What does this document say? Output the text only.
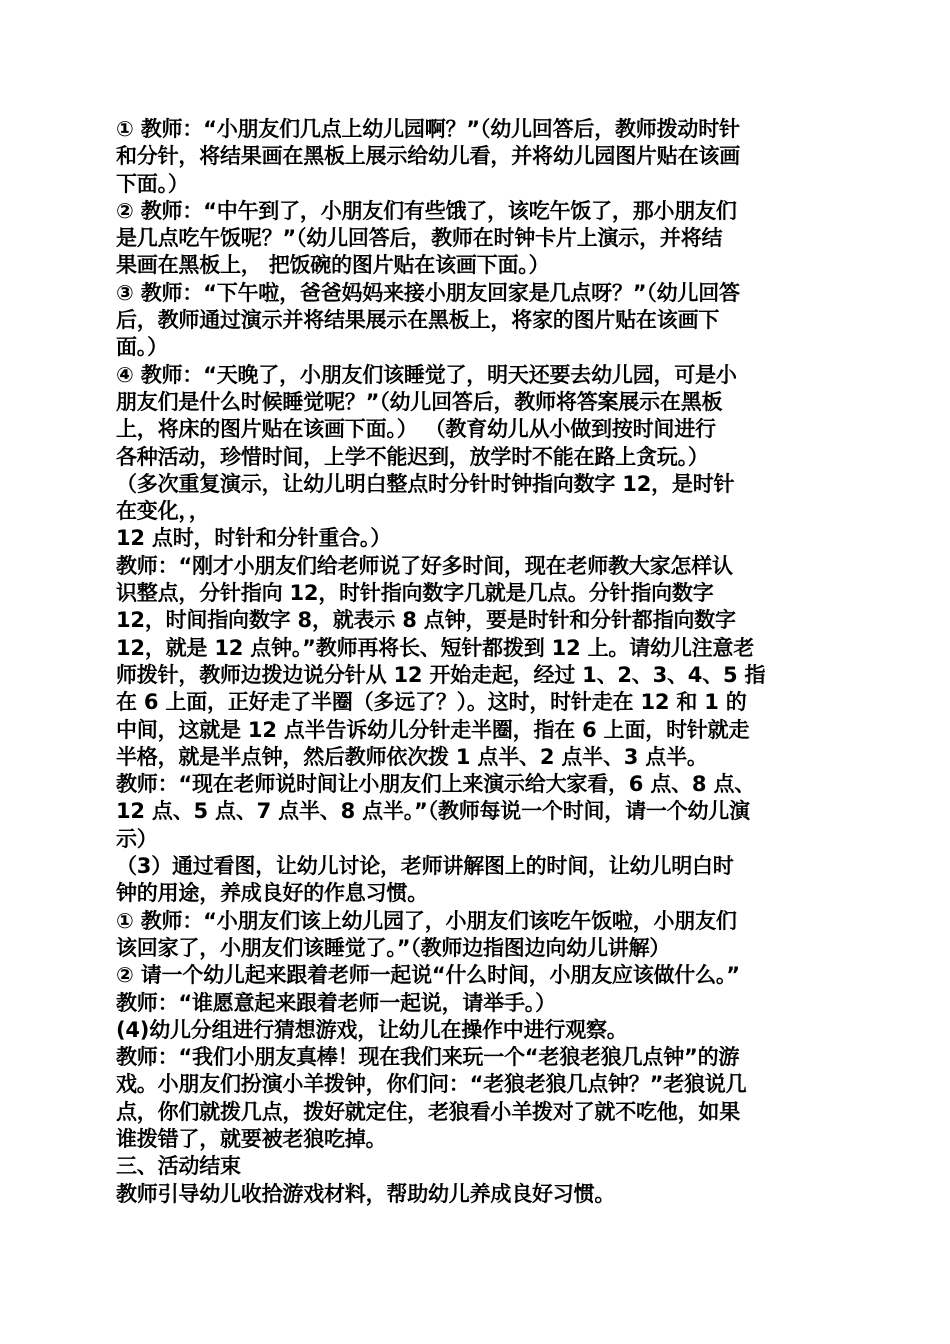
① 教师：“小朋友们几点上幼儿园啊？”（幼儿回答后，教师拨动时针
和分针，将结果画在黑板上展示给幼儿看，并将幼儿园图片贴在该画
下面。）
② 教师：“中午到了，小朋友们有些饿了，该吃午饭了，那小朋友们
是几点吃午饭呢？”（幼儿回答后，教师在时钟卡片上演示，并将结
果画在黑板上， 把饭碗的图片贴在该画下面。）
③ 教师：“下午啦，爸爸妈妈来接小朋友回家是几点呀？”（幼儿回答
后，教师通过演示并将结果展示在黑板上，将家的图片贴在该画下
面。）
④ 教师：“天晚了，小朋友们该睡觉了，明天还要去幼儿园，可是小
朋友们是什么时候睡觉呢？”（幼儿回答后，教师将答案展示在黑板
上，将床的图片贴在该画下面。） （教育幼儿从小做到按时间进行
各种活动，珍惜时间，上学不能迟到，放学时不能在路上贪玩。）
（多次重复演示，让幼儿明白整点时分针时钟指向数字 12，是时针
在变化，，
12 点时，时针和分针重合。）
教师：“刚才小朋友们给老师说了好多时间，现在老师教大家怎样认
识整点，分针指向 12，时针指向数字几就是几点。分针指向数字
12，时间指向数字 8，就表示 8 点钟，要是时针和分针都指向数字
12，就是 12 点钟。”教师再将长、短针都拨到 12 上。请幼儿注意老
师拨针，教师边拨边说分针从 12 开始走起，经过 1、2、3、4、5 指
在 6 上面，正好走了半圈（多远了？）。这时，时针走在 12 和 1 的
中间，这就是 12 点半告诉幼儿分针走半圈，指在 6 上面，时针就走
半格，就是半点钟，然后教师依次拨 1 点半、2 点半、3 点半。
教师：“现在老师说时间让小朋友们上来演示给大家看，6 点、8 点、
12 点、5 点、7 点半、8 点半。”（教师每说一个时间，请一个幼儿演
示）
（3）通过看图，让幼儿讨论，老师讲解图上的时间，让幼儿明白时
钟的用途，养成良好的作息习惯。
① 教师：“小朋友们该上幼儿园了，小朋友们该吃午饭啦，小朋友们
该回家了，小朋友们该睡觉了。”（教师边指图边向幼儿讲解）
② 请一个幼儿起来跟着老师一起说“什么时间，小朋友应该做什么。”
教师：“谁愿意起来跟着老师一起说，请举手。）
(4)幼儿分组进行猜想游戏，让幼儿在操作中进行观察。
教师：“我们小朋友真棒！现在我们来玩一个“老狼老狼几点钟”的游
戏。小朋友们扮演小羊拨钟，你们问：“老狼老狼几点钟？”老狼说几
点，你们就拨几点，拨好就定住，老狼看小羊拨对了就不吃他，如果
谁拨错了，就要被老狼吃掉。
三、活动结束
教师引导幼儿收拾游戏材料，帮助幼儿养成良好习惯。
